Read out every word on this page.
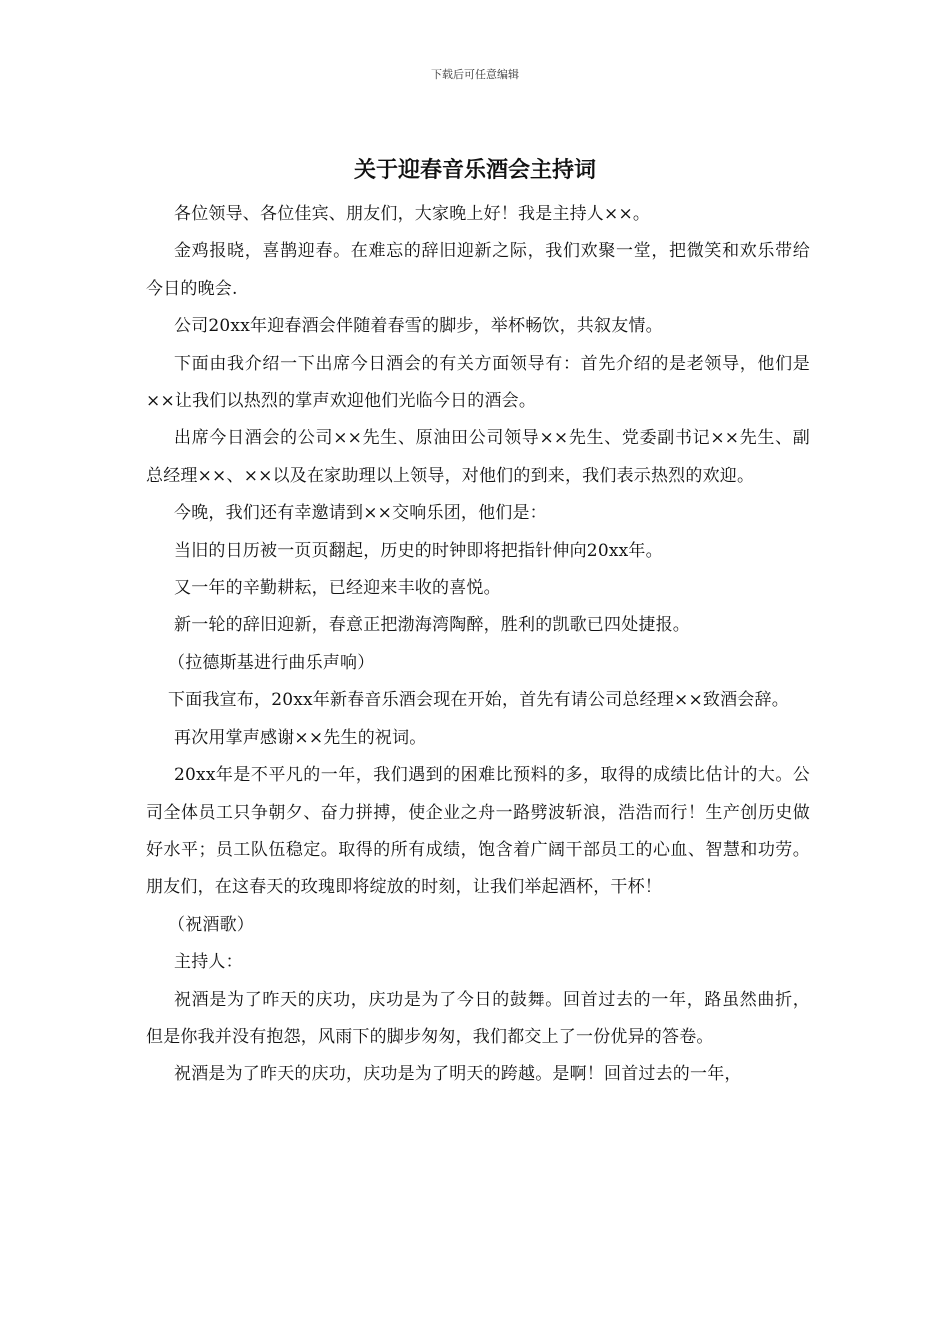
下载后可任意编辑
关于迎春音乐酒会主持词

各位领导、各位佳宾、朋友们，大家晚上好！我是主持人××。

金鸡报晓，喜鹊迎春。在难忘的辞旧迎新之际，我们欢聚一堂，把微笑和欢乐带给今日的晚会.

公司20xx年迎春酒会伴随着春雪的脚步，举杯畅饮，共叙友情。

下面由我介绍一下出席今日酒会的有关方面领导有：首先介绍的是老领导，他们是××让我们以热烈的掌声欢迎他们光临今日的酒会。

出席今日酒会的公司××先生、原油田公司领导××先生、党委副书记××先生、副总经理××、××以及在家助理以上领导，对他们的到来，我们表示热烈的欢迎。

今晚，我们还有幸邀请到××交响乐团，他们是：

当旧的日历被一页页翻起，历史的时钟即将把指针伸向20xx年。

又一年的辛勤耕耘，已经迎来丰收的喜悦。

新一轮的辞旧迎新，春意正把渤海湾陶醉，胜利的凯歌已四处捷报。

（拉德斯基进行曲乐声响）

下面我宣布，20xx年新春音乐酒会现在开始，首先有请公司总经理××致酒会辞。

再次用掌声感谢××先生的祝词。

20xx年是不平凡的一年，我们遇到的困难比预料的多，取得的成绩比估计的大。公司全体员工只争朝夕、奋力拼搏，使企业之舟一路劈波斩浪，浩浩而行！生产创历史做好水平；员工队伍稳定。取得的所有成绩，饱含着广阔干部员工的心血、智慧和功劳。朋友们，在这春天的玫瑰即将绽放的时刻，让我们举起酒杯，干杯！

（祝酒歌）

主持人：

祝酒是为了昨天的庆功，庆功是为了今日的鼓舞。回首过去的一年，路虽然曲折，但是你我并没有抱怨，风雨下的脚步匆匆，我们都交上了一份优异的答卷。

祝酒是为了昨天的庆功，庆功是为了明天的跨越。是啊！回首过去的一年，
